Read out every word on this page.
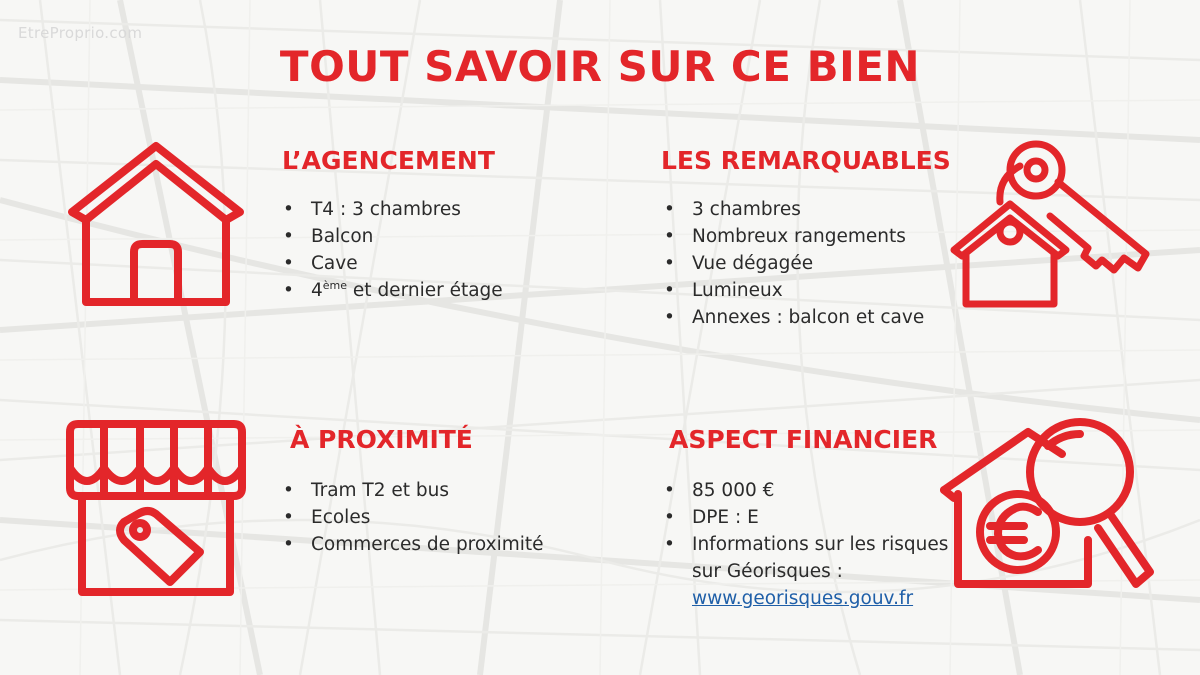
EtreProprio.com
TOUT SAVOIR SUR CE BIEN
L’AGENCEMENT
• T4 : 3 chambres
• Balcon
• Cave
• 4ème et dernier étage
LES REMARQUABLES
• 3 chambres
• Nombreux rangements
• Vue dégagée
• Lumineux
• Annexes : balcon et cave
À PROXIMITÉ
• Tram T2 et bus
• Ecoles
• Commerces de proximité
ASPECT FINANCIER
• 85 000 €
• DPE : E
• Informations sur les risques sur Géorisques :
www.georisques.gouv.fr
